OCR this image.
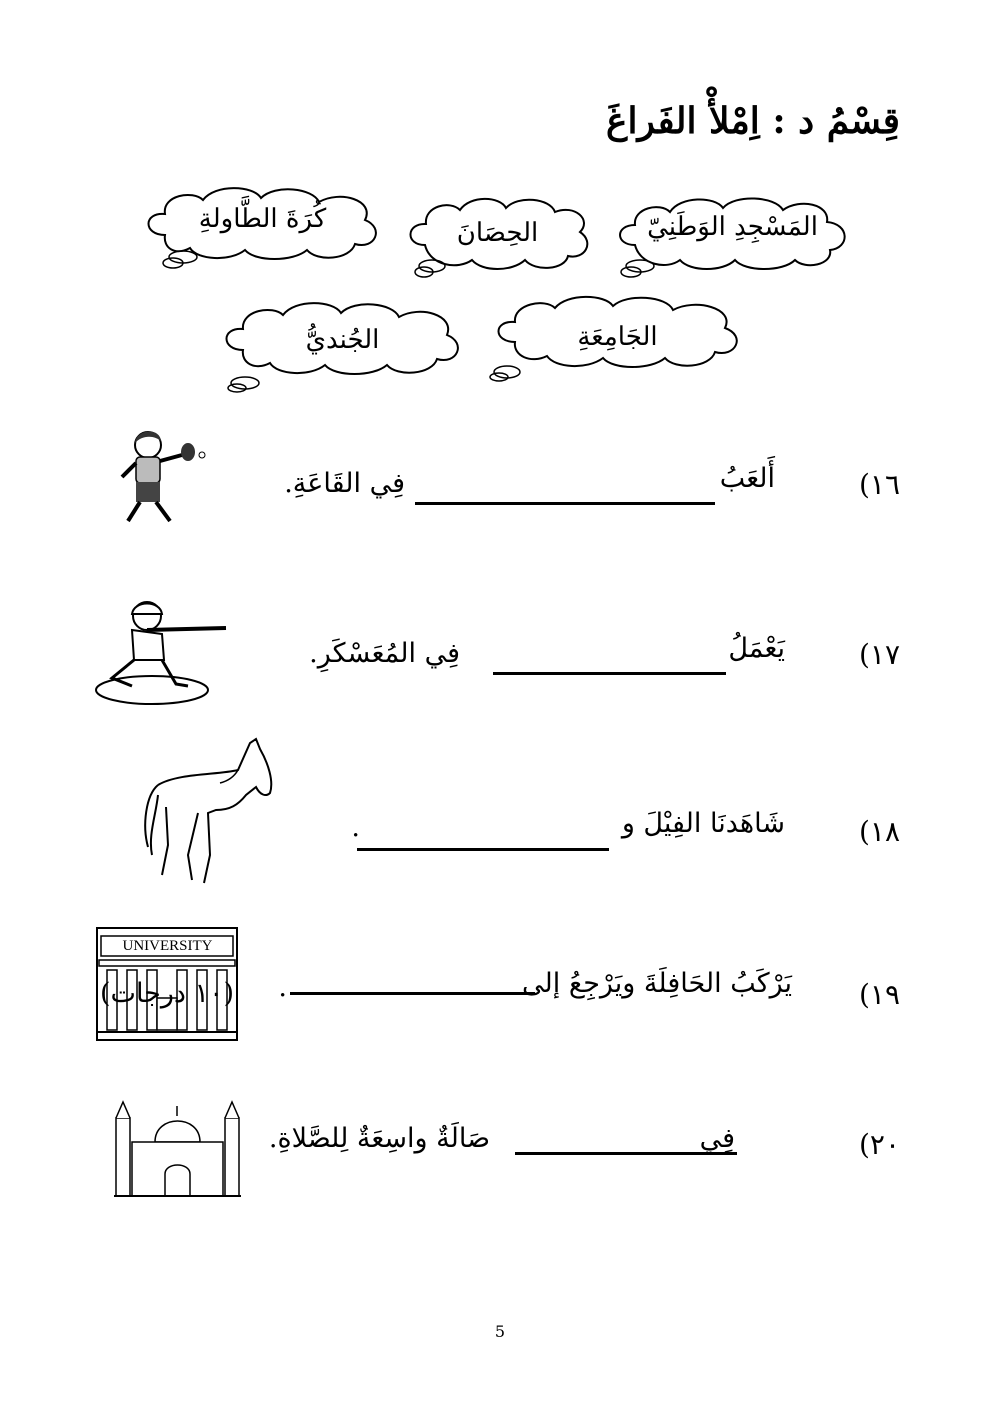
قِسْمُ د : اِمْلأْ الفَراغَ
المَسْجِدِ الوَطَنِيّ
الحِصَانَ
كُرَةَ الطَّاولةِ
الجَامِعَةِ
الجُنديُّ
١٦)
أَلعَبُ
فِي القَاعَةِ.
١٧)
يَعْمَلُ
فِي المُعَسْكَرِ.
١٨)
شَاهَدنَا الفِيْلَ و
.
١٩)
يَرْكَبُ الحَافِلَةَ ويَرْجِعُ إلى
.
UNIVERSITY
٢٠)
فِي
صَالَةٌ واسِعَةٌ لِلصَّلاةِ.
(١٠ درجات)
5
